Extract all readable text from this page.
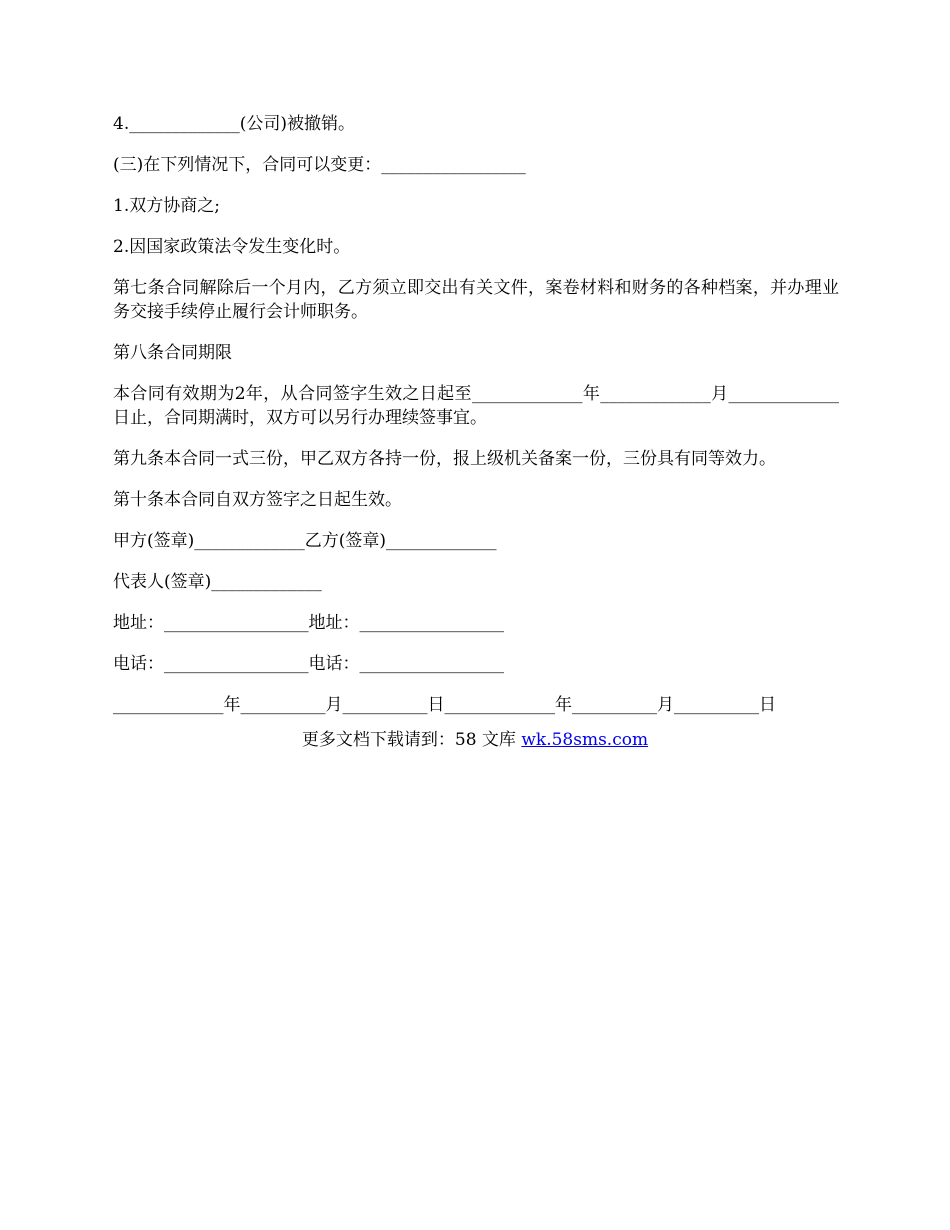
4._____________(公司)被撤销。

(三)在下列情况下，合同可以变更：_________________

1.双方协商之;

2.因国家政策法令发生变化时。

第七条合同解除后一个月内，乙方须立即交出有关文件，案卷材料和财务的各种档案，并办理业务交接手续停止履行会计师职务。

第八条合同期限

本合同有效期为2年，从合同签字生效之日起至_____________年_____________月_____________日止，合同期满时，双方可以另行办理续签事宜。

第九条本合同一式三份，甲乙双方各持一份，报上级机关备案一份，三份具有同等效力。

第十条本合同自双方签字之日起生效。

甲方(签章)_____________乙方(签章)_____________

代表人(签章)_____________

地址：_________________地址：_________________

电话：_________________电话：_________________

_____________年__________月__________日_____________年__________月__________日

更多文档下载请到：58 文库 wk.58sms.com
